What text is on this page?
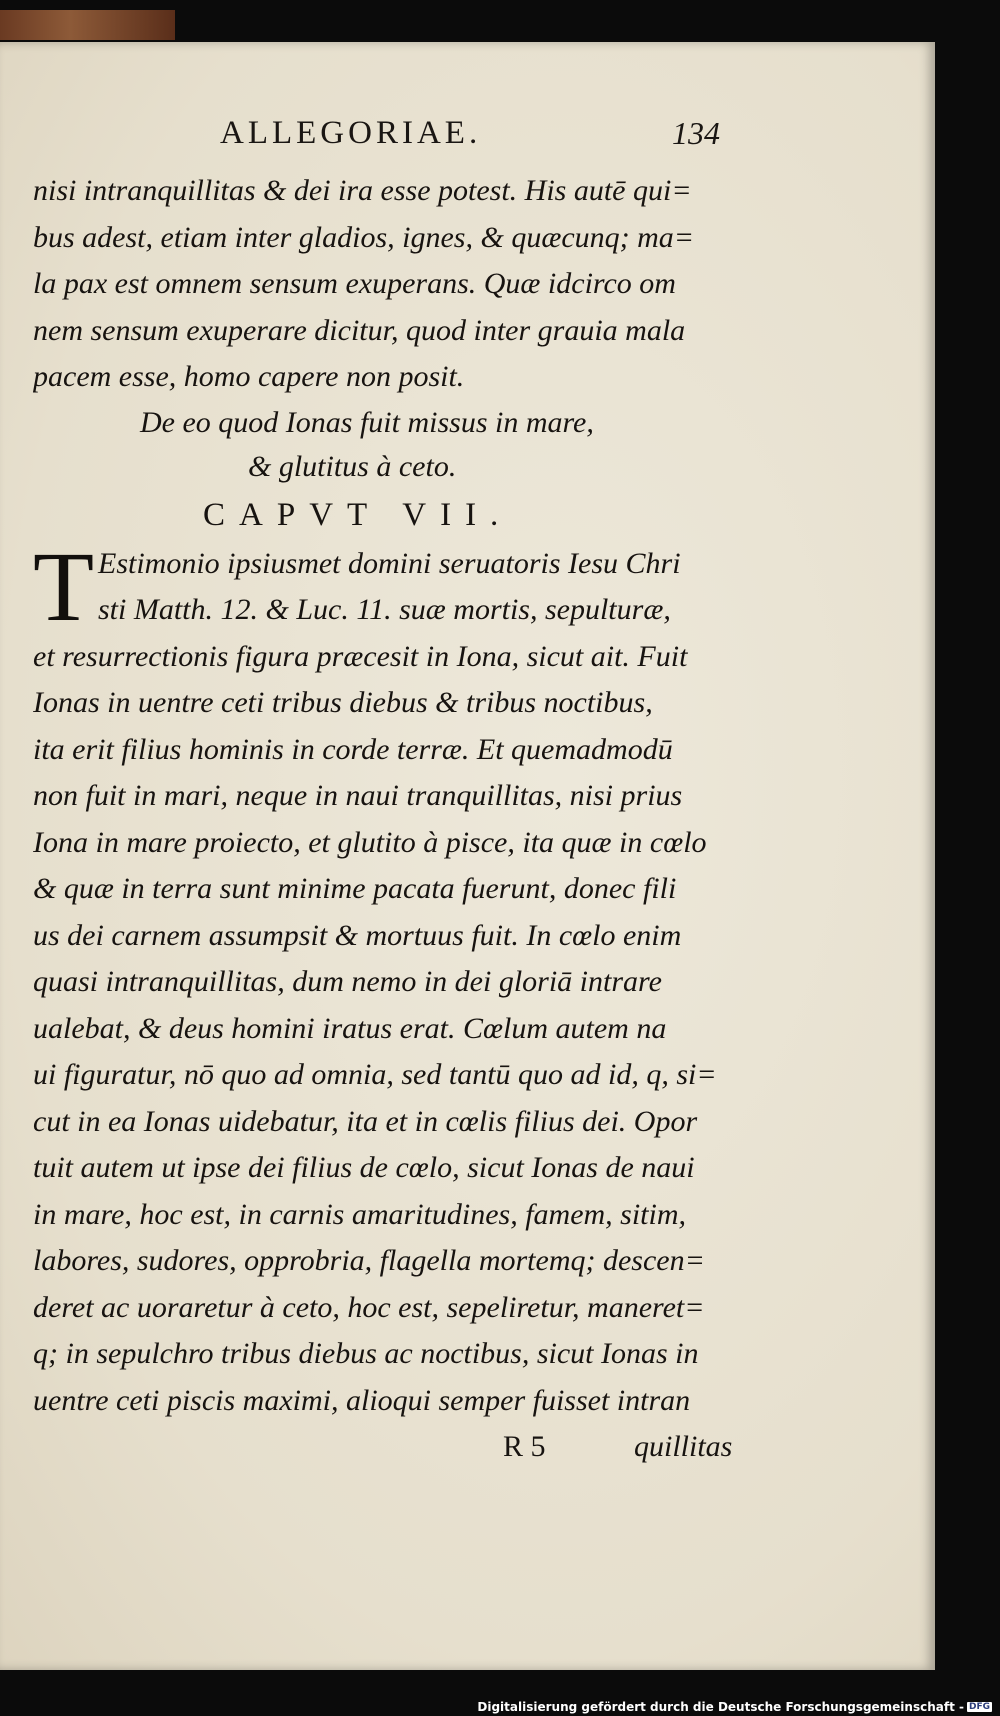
ALLEGORIAE.	134
nisi intranquillitas & dei ira esse potest. His autē qui=
bus adest, etiam inter gladios, ignes, & quæcunq; ma=
la pax est omnem sensum exuperans. Quæ idcirco om
nem sensum exuperare dicitur, quod inter grauia mala
pacem esse, homo capere non posit.
De eo quod Ionas fuit missus in mare,
& glutitus à ceto.
CAPVT VII.
T Estimonio ipsiusmet domini seruatoris Iesu Chri
sti Matth. 12. & Luc. 11. suæ mortis, sepulturæ,
et resurrectionis figura præcesit in Iona, sicut ait. Fuit
Ionas in uentre ceti tribus diebus & tribus noctibus,
ita erit filius hominis in corde terræ. Et quemadmodū
non fuit in mari, neque in naui tranquillitas, nisi prius
Iona in mare proiecto, et glutito à pisce, ita quæ in cœlo
& quæ in terra sunt minime pacata fuerunt, donec fili
us dei carnem assumpsit & mortuus fuit. In cœlo enim
quasi intranquillitas, dum nemo in dei gloriā intrare
ualebat, & deus homini iratus erat. Cœlum autem na
ui figuratur, nō quo ad omnia, sed tantū quo ad id, q, si=
cut in ea Ionas uidebatur, ita et in cœlis filius dei. Opor
tuit autem ut ipse dei filius de cœlo, sicut Ionas de naui
in mare, hoc est, in carnis amaritudines, famem, sitim,
labores, sudores, opprobria, flagella mortemq; descen=
deret ac uoraretur à ceto, hoc est, sepeliretur, maneret=
q; in sepulchro tribus diebus ac noctibus, sicut Ionas in
uentre ceti piscis maximi, alioqui semper fuisset intran
R 5	quillitas
Digitalisierung gefördert durch die Deutsche Forschungsgemeinschaft - DFG
